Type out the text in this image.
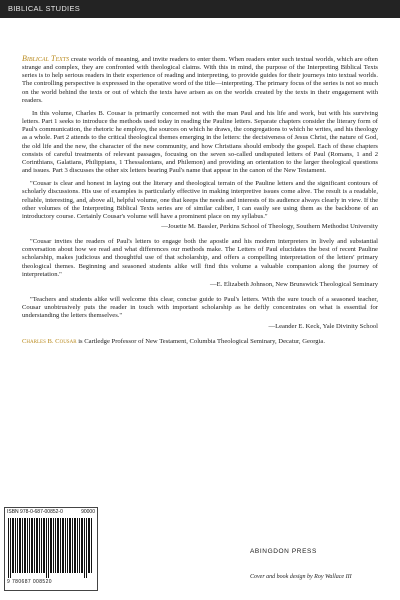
BIBLICAL STUDIES

Biblical Texts create worlds of meaning, and invite readers to enter them. When readers enter such textual worlds, which are often strange and complex, they are confronted with theological claims. With this in mind, the purpose of the Interpreting Biblical Texts series is to help serious readers in their experience of reading and interpreting, to provide guides for their journeys into textual worlds. The controlling perspective is expressed in the operative word of the title—interpreting. The primary focus of the series is not so much on the world behind the texts or out of which the texts have arisen as on the worlds created by the texts in their engagement with readers.

In this volume, Charles B. Cousar is primarily concerned not with the man Paul and his life and work, but with his surviving letters. Part 1 seeks to introduce the methods used today in reading the Pauline letters. Separate chapters consider the literary form of Paul's communication, the rhetoric he employs, the sources on which he draws, the congregations to which he writes, and his theology as a whole. Part 2 attends to the critical theological themes emerging in the letters: the decisiveness of Jesus Christ, the nature of God, the old life and the new, the character of the new community, and how Christians should embody the gospel. Each of these chapters consists of careful treatments of relevant passages, focusing on the seven so-called undisputed letters of Paul (Romans, 1 and 2 Corinthians, Galatians, Philippians, 1 Thessalonians, and Philemon) and providing an orientation to the larger theological questions and issues. Part 3 discusses the other six letters bearing Paul's name that appear in the canon of the New Testament.

"Cousar is clear and honest in laying out the literary and theological terrain of the Pauline letters and the significant contours of scholarly discussions. His use of examples is particularly effective in making interpretive issues come alive. The result is a readable, reliable, interesting, and, above all, helpful volume, one that keeps the needs and interests of its audience always clearly in view. If the other volumes of the Interpreting Biblical Texts series are of similar caliber, I can easily see using them as the backbone of an introductory course. Certainly Cousar's volume will have a prominent place on my syllabus."

—Jouette M. Bassler, Perkins School of Theology, Southern Methodist University

"Cousar invites the readers of Paul's letters to engage both the apostle and his modern interpreters in lively and substantial conversation about how we read and what differences our methods make. The Letters of Paul elucidates the best of recent Pauline scholarship, makes judicious and thoughtful use of that scholarship, and offers a compelling interpretation of the letters' primary theological themes. Beginning and seasoned students alike will find this volume a valuable companion along the journey of interpretation."

—E. Elizabeth Johnson, New Brunswick Theological Seminary

"Teachers and students alike will welcome this clear, concise guide to Paul's letters. With the sure touch of a seasoned teacher, Cousar unobtrusively puts the reader in touch with important scholarship as he deftly concentrates on what is essential for understanding the letters themselves."

—Leander E. Keck, Yale Divinity School

Charles B. Cousar is Cartledge Professor of New Testament, Columbia Theological Seminary, Decatur, Georgia.

ISBN 978-0-687-00852-0	90000
9 780687 008520
ABINGDON PRESS
Cover and book design by Roy Wallace III
